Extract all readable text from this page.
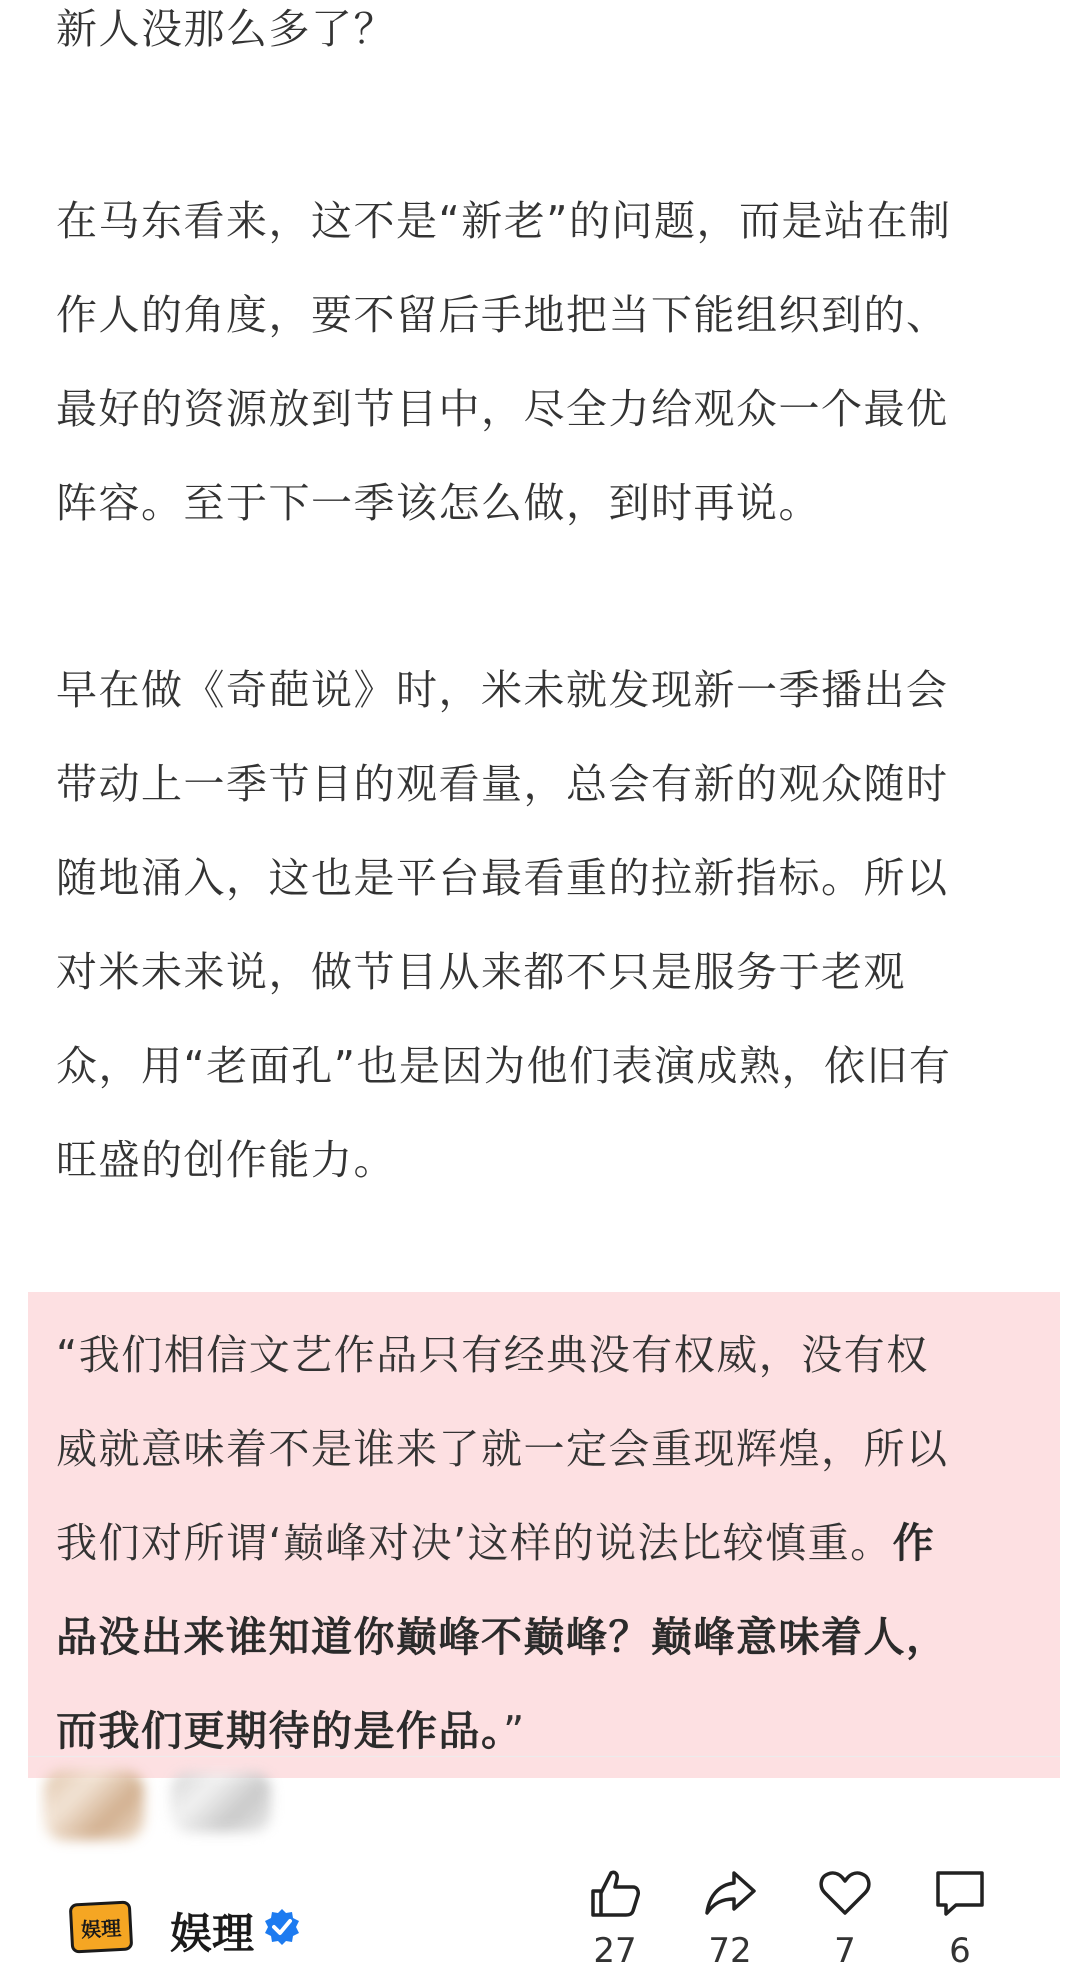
新人没那么多了？

在马东看来，这不是“新老”的问题，而是站在制
作人的角度，要不留后手地把当下能组织到的、
最好的资源放到节目中，尽全力给观众一个最优
阵容。至于下一季该怎么做，到时再说。

早在做《奇葩说》时，米未就发现新一季播出会
带动上一季节目的观看量，总会有新的观众随时
随地涌入，这也是平台最看重的拉新指标。所以
对米未来说，做节目从来都不只是服务于老观
众，用“老面孔”也是因为他们表演成熟，依旧有
旺盛的创作能力。

“我们相信文艺作品只有经典没有权威，没有权
威就意味着不是谁来了就一定会重现辉煌，所以
我们对所谓‘巅峰对决’这样的说法比较慎重。作
品没出来谁知道你巅峰不巅峰？巅峰意味着人，
而我们更期待的是作品。”
娱
理 娱理	27	72	7	6
